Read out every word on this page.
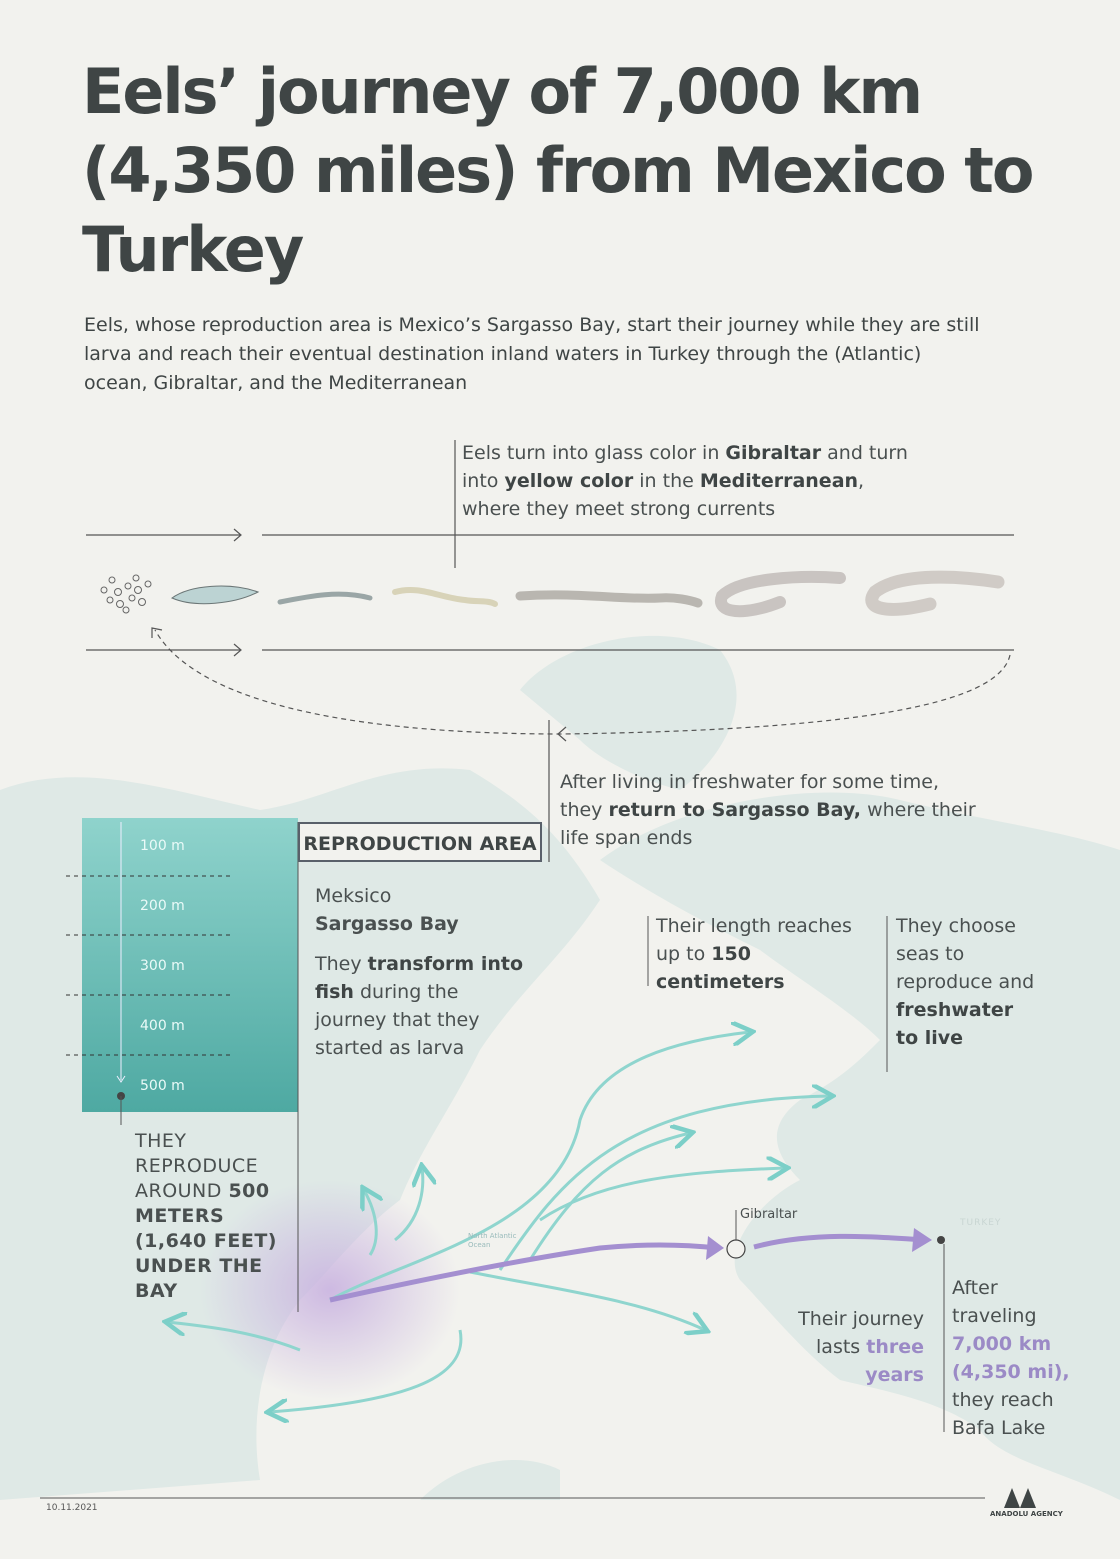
Eels’ journey of 7,000 km (4,350 miles) from Mexico to Turkey

Eels, whose reproduction area is Mexico’s Sargasso Bay, start their journey while they are still larva and reach their eventual destination inland waters in Turkey through the (Atlantic) ocean, Gibraltar, and the Mediterranean

Eels turn into glass color in Gibraltar and turn into yellow color in the Mediterranean, where they meet strong currents
After living in freshwater for some time, they return to Sargasso Bay, where their life span ends
REPRODUCTION AREA
100 m
200 m
300 m
400 m
500 m
Meksico
Sargasso Bay
They transform into fish during the journey that they started as larva
Their length reaches up to 150 centimeters
They choose seas to reproduce and freshwater to live
THEY REPRODUCE AROUND 500 METERS (1,640 FEET) UNDER THE BAY
Gibraltar
North Atlantic Ocean
TURKEY
Their journey lasts three years
After traveling 7,000 km (4,350 mi), they reach Bafa Lake
10.11.2021
ANADOLU AGENCY
